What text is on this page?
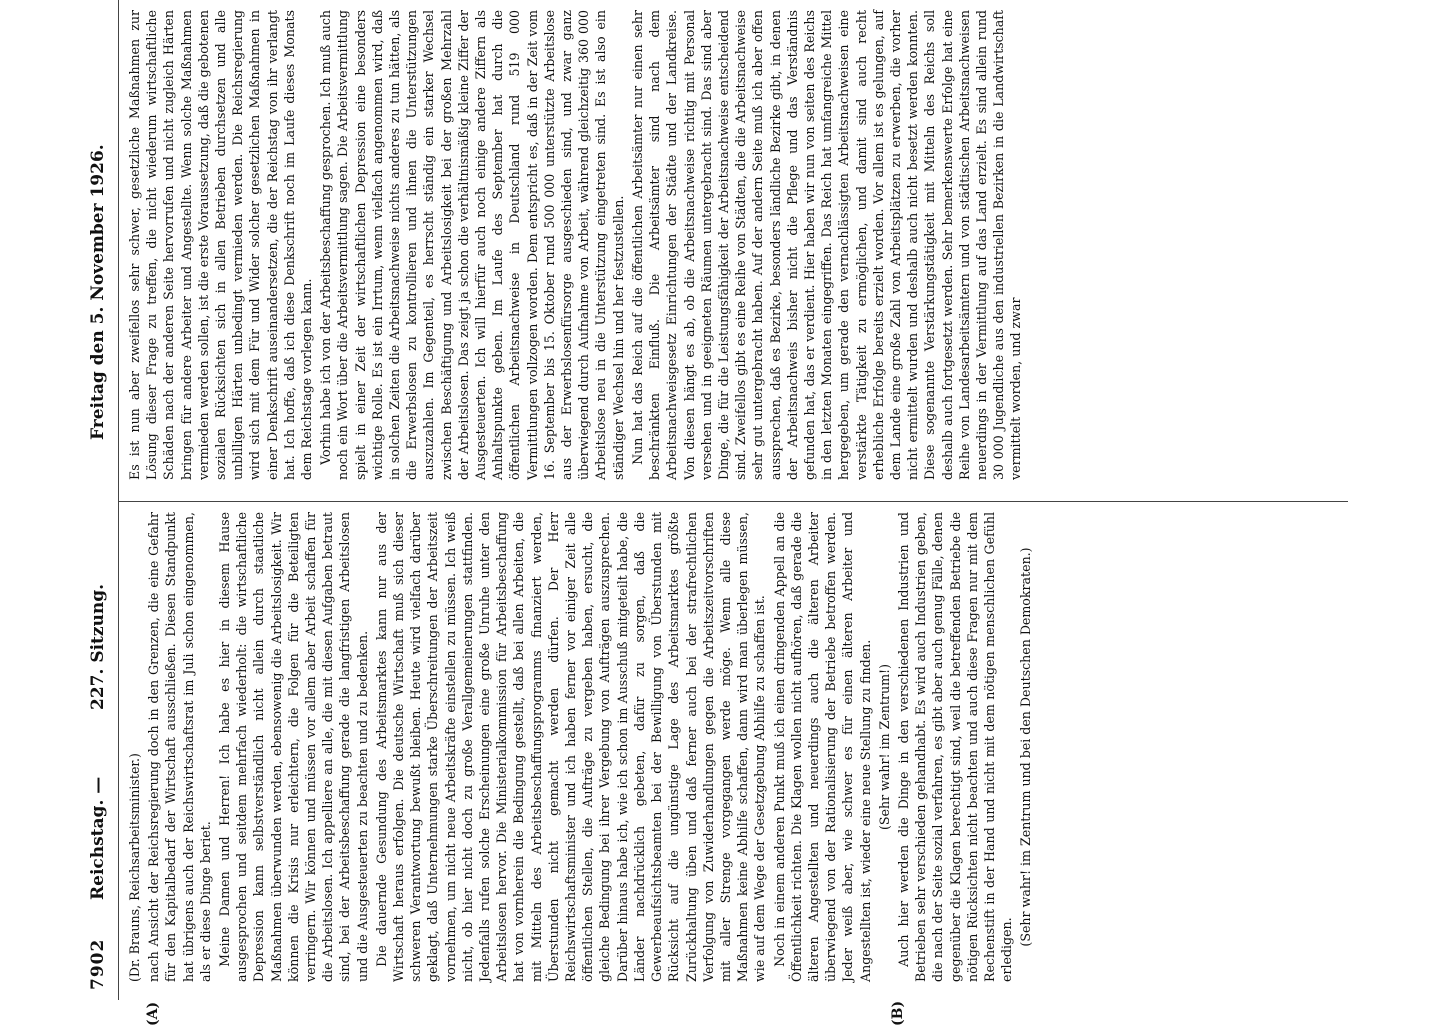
7902
Reichstag. —
227. Sitzung.
Freitag den 5. November 1926.
(A)	(B)

(Dr. Brauns, Reichsarbeitsminister.) nach Ansicht der Reichsregierung doch in den Grenzen, die eine Gefahr für den Kapitalbedarf der Wirtschaft ausschließen. Diesen Standpunkt hat übrigens auch der Reichswirtschaftsrat im Juli schon eingenommen, als er diese Dinge beriet. Meine Damen und Herren! Ich habe es hier in diesem Hause ausgesprochen und seitdem mehrfach wiederholt: die wirtschaftliche Depression kann selbstverständlich nicht allein durch staatliche Maßnahmen überwunden werden, ebensowenig die Arbeitslosigkeit. Wir können die Krisis nur erleichtern, die Folgen für die Beteiligten verringern. Wir können und müssen vor allem aber Arbeit schaffen für die Arbeitslosen. Ich appelliere an alle, die mit diesen Aufgaben betraut sind, bei der Arbeitsbeschaffung gerade die langfristigen Arbeitslosen und die Ausgesteuerten zu beachten und zu bedenken. Die dauernde Gesundung des Arbeitsmarktes kann nur aus der Wirtschaft heraus erfolgen. Die deutsche Wirtschaft muß sich dieser schweren Verantwortung bewußt bleiben. Heute wird vielfach darüber geklagt, daß Unternehmungen starke Überschreitungen der Arbeitszeit vornehmen, um nicht neue Arbeitskräfte einstellen zu müssen. Ich weiß nicht, ob hier nicht doch zu große Verallgemeinerungen stattfinden. Jedenfalls rufen solche Erscheinungen eine große Unruhe unter den Arbeitslosen hervor. Die Ministerialkommission für Arbeitsbeschaffung hat von vornherein die Bedingung gestellt, daß bei allen Arbeiten, die mit Mitteln des Arbeitsbeschaffungsprogramms finanziert werden, Überstunden nicht gemacht werden dürfen. Der Herr Reichswirtschaftsminister und ich haben ferner vor einiger Zeit alle öffentlichen Stellen, die Aufträge zu vergeben haben, ersucht, die gleiche Bedingung bei ihrer Vergebung von Aufträgen auszusprechen. Darüber hinaus habe ich, wie ich schon im Ausschuß mitgeteilt habe, die Länder nachdrücklich gebeten, dafür zu sorgen, daß die Gewerbeaufsichtsbeamten bei der Bewilligung von Überstunden mit Rücksicht auf die ungünstige Lage des Arbeitsmarktes größte Zurückhaltung üben und daß ferner auch bei der strafrechtlichen Verfolgung von Zuwiderhandlungen gegen die Arbeitszeitvorschriften mit aller Strenge vorgegangen werde möge. Wenn alle diese Maßnahmen keine Abhilfe schaffen, dann wird man überlegen müssen, wie auf dem Wege der Gesetzgebung Abhilfe zu schaffen ist. Noch in einem anderen Punkt muß ich einen dringenden Appell an die Öffentlichkeit richten. Die Klagen wollen nicht aufhören, daß gerade die älteren Angestellten und neuerdings auch die älteren Arbeiter überwiegend von der Rationalisierung der Betriebe betroffen werden. Jeder weiß aber, wie schwer es für einen älteren Arbeiter und Angestellten ist, wieder eine neue Stellung zu finden. (Sehr wahr! im Zentrum!) Auch hier werden die Dinge in den verschiedenen Industrien und Betrieben sehr verschieden gehandhabt. Es wird auch Industrien geben, die nach der Seite sozial verfahren, es gibt aber auch genug Fälle, denen gegenüber die Klagen berechtigt sind, weil die betreffenden Betriebe die nötigen Rücksichten nicht beachten und auch diese Fragen nur mit dem Rechenstift in der Hand und nicht mit dem nötigen menschlichen Gefühl erledigen.

(Sehr wahr! im Zentrum und bei den Deutschen Demokraten.)

Es ist nun aber zweifellos sehr schwer, gesetzliche Maßnahmen zur Lösung dieser Frage zu treffen, die nicht wiederum wirtschaftliche Schäden nach der anderen Seite hervorrufen und nicht zugleich Härten bringen für andere Arbeiter und Angestellte. Wenn solche Maßnahmen vermieden werden sollen, ist die erste Voraussetzung, daß die gebotenen sozialen Rücksichten sich in allen Betrieben durchsetzen und alle unbilligen Härten unbedingt vermieden werden. Die Reichsregierung wird sich mit dem Für und Wider solcher gesetzlichen Maßnahmen in einer Denkschrift auseinandersetzen, die der Reichstag von ihr verlangt hat. Ich hoffe, daß ich diese Denkschrift noch im Laufe dieses Monats dem Reichstage vorlegen kann. Vorhin habe ich von der Arbeitsbeschaffung gesprochen. Ich muß auch noch ein Wort über die Arbeitsvermittlung sagen. Die Arbeitsvermittlung spielt in einer Zeit der wirtschaftlichen Depression eine besonders wichtige Rolle. Es ist ein Irrtum, wenn vielfach angenommen wird, daß in solchen Zeiten die Arbeitsnachweise nichts anderes zu tun hätten, als die Erwerbslosen zu kontrollieren und ihnen die Unterstützungen auszuzahlen. Im Gegenteil, es herrscht ständig ein starker Wechsel zwischen Beschäftigung und Arbeitslosigkeit bei der großen Mehrzahl der Arbeitslosen. Das zeigt ja schon die verhältnismäßig kleine Ziffer der Ausgesteuerten. Ich will hierfür auch noch einige andere Ziffern als Anhaltspunkte geben. Im Laufe des September hat durch die öffentlichen Arbeitsnachweise in Deutschland rund 519 000 Vermittlungen vollzogen worden. Dem entspricht es, daß in der Zeit vom 16. September bis 15. Oktober rund 500 000 unterstützte Arbeitslose aus der Erwerbslosenfürsorge ausgeschieden sind, und zwar ganz überwiegend durch Aufnahme von Arbeit, während gleichzeitig 360 000 Arbeitslose neu in die Unterstützung eingetreten sind. Es ist also ein ständiger Wechsel hin und her festzustellen. Nun hat das Reich auf die öffentlichen Arbeitsämter nur einen sehr beschränkten Einfluß. Die Arbeitsämter sind nach dem Arbeitsnachweisgesetz Einrichtungen der Städte und der Landkreise. Von diesen hängt es ab, ob die Arbeitsnachweise richtig mit Personal versehen und in geeigneten Räumen untergebracht sind. Das sind aber Dinge, die für die Leistungsfähigkeit der Arbeitsnachweise entscheidend sind. Zweifellos gibt es eine Reihe von Städten, die die Arbeitsnachweise sehr gut untergebracht haben. Auf der andern Seite muß ich aber offen aussprechen, daß es Bezirke, besonders ländliche Bezirke gibt, in denen der Arbeitsnachweis bisher nicht die Pflege und das Verständnis gefunden hat, das er verdient. Hier haben wir nun von seiten des Reichs in den letzten Monaten eingegriffen. Das Reich hat umfangreiche Mittel hergegeben, um gerade den vernachlässigten Arbeitsnachweisen eine verstärkte Tätigkeit zu ermöglichen, und damit sind auch recht erhebliche Erfolge bereits erzielt worden. Vor allem ist es gelungen, auf dem Lande eine große Zahl von Arbeitsplätzen zu erwerben, die vorher nicht ermittelt wurden und deshalb auch nicht besetzt werden konnten. Diese sogenannte Verstärkungstätigkeit mit Mitteln des Reichs soll deshalb auch fortgesetzt werden. Sehr bemerkenswerte Erfolge hat eine Reihe von Landesarbeitsämtern und von städtischen Arbeitsnachweisen neuerdings in der Vermittlung auf das Land erzielt. Es sind allein rund 30 000 Jugendliche aus den industriellen Bezirken in die Landwirtschaft vermittelt worden, und zwar
